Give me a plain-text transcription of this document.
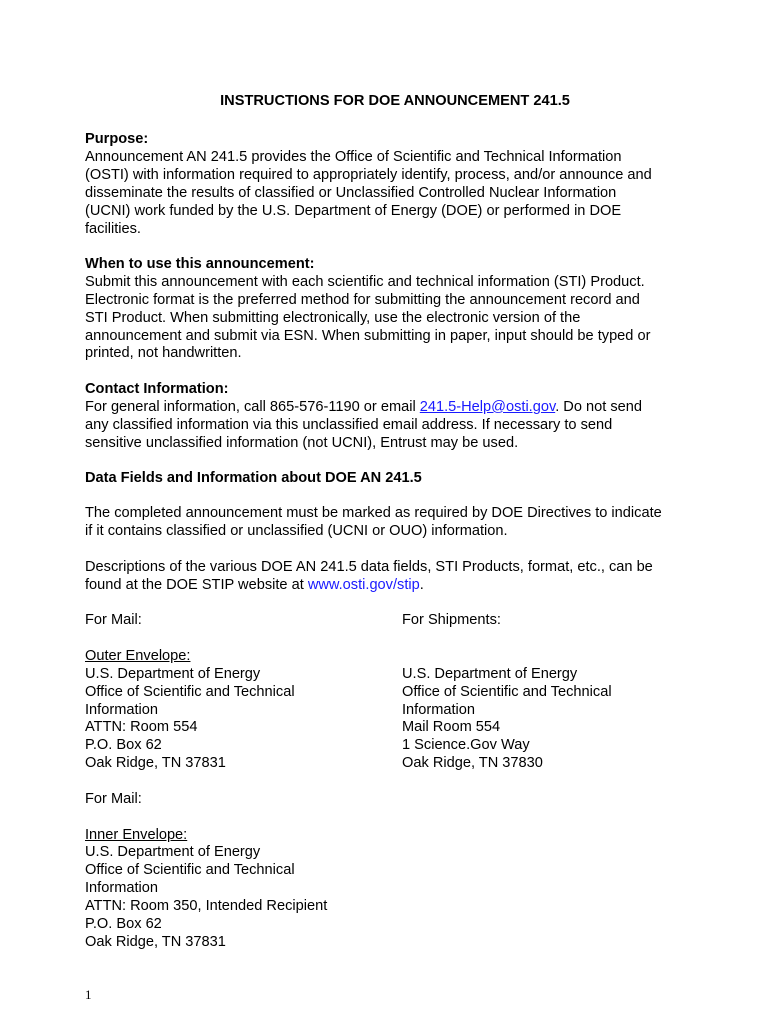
INSTRUCTIONS FOR DOE ANNOUNCEMENT 241.5

Purpose:

Announcement AN 241.5 provides the Office of Scientific and Technical Information

(OSTI) with information required to appropriately identify, process, and/or announce and

disseminate the results of classified or Unclassified Controlled Nuclear Information

(UCNI) work funded by the U.S. Department of Energy (DOE) or performed in DOE

facilities.

When to use this announcement:

Submit this announcement with each scientific and technical information (STI) Product.

Electronic format is the preferred method for submitting the announcement record and

STI Product. When submitting electronically, use the electronic version of the

announcement and submit via ESN. When submitting in paper, input should be typed or

printed, not handwritten.

Contact Information:

For general information, call 865-576-1190 or email 241.5-Help@osti.gov. Do not send

any classified information via this unclassified email address. If necessary to send

sensitive unclassified information (not UCNI), Entrust may be used.

Data Fields and Information about DOE AN 241.5

The completed announcement must be marked as required by DOE Directives to indicate

if it contains classified or unclassified (UCNI or OUO) information.

Descriptions of the various DOE AN 241.5 data fields, STI Products, format, etc., can be

found at the DOE STIP website at www.osti.gov/stip.

For Mail:

Outer Envelope:

U.S. Department of Energy

Office of Scientific and Technical

Information

ATTN: Room 554

P.O. Box 62

Oak Ridge, TN 37831

For Shipments:

U.S. Department of Energy

Office of Scientific and Technical

Information

Mail Room 554

1 Science.Gov Way

Oak Ridge, TN 37830

For Mail:

Inner Envelope:

U.S. Department of Energy

Office of Scientific and Technical

Information

ATTN: Room 350, Intended Recipient

P.O. Box 62

Oak Ridge, TN 37831

1
